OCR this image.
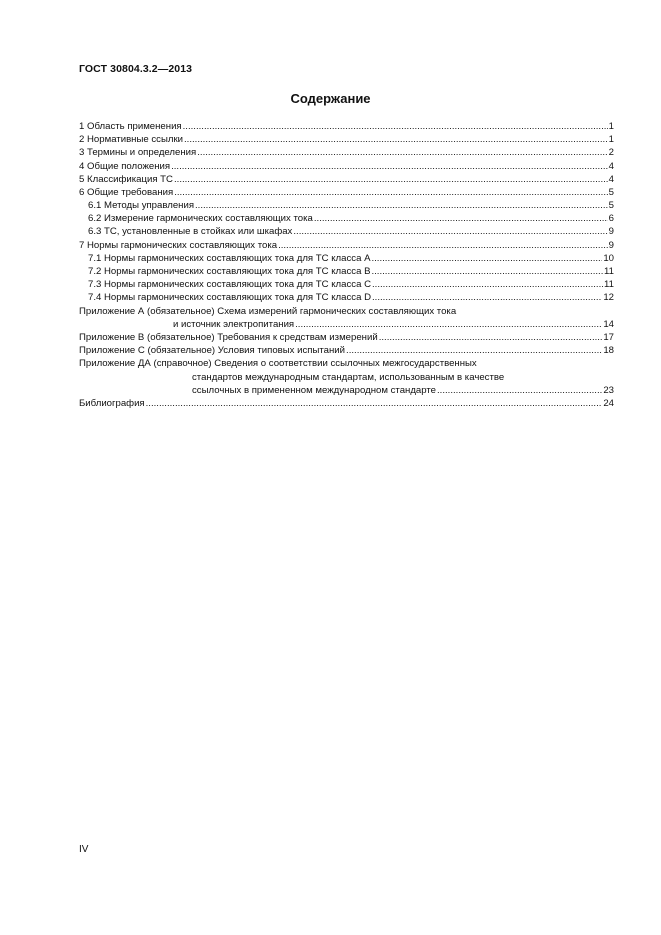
ГОСТ 30804.3.2—2013
Содержание
1 Область применения .....	1
2 Нормативные ссылки .....	1
3 Термины и определения .....	2
4 Общие положения .....	4
5 Классификация ТС .....	4
6 Общие требования .....	5
6.1 Методы управления .....	5
6.2 Измерение гармонических составляющих тока .....	6
6.3 ТС, установленные в стойках или шкафах .....	9
7 Нормы гармонических составляющих тока .....	9
7.1 Нормы гармонических составляющих тока для ТС класса А .....	10
7.2 Нормы гармонических составляющих тока для ТС класса В .....	11
7.3 Нормы гармонических составляющих тока для ТС класса С .....	11
7.4 Нормы гармонических составляющих тока для ТС класса D .....	12
Приложение А (обязательное) Схема измерений гармонических составляющих тока
и источник электропитания .....	14
Приложение В (обязательное) Требования к средствам измерений .....	17
Приложение С (обязательное) Условия типовых испытаний .....	18
Приложение ДА (справочное) Сведения о соответствии ссылочных межгосударственных
стандартов международным стандартам, использованным в качестве
ссылочных в примененном международном стандарте .....	23
Библиография .....	24
IV
